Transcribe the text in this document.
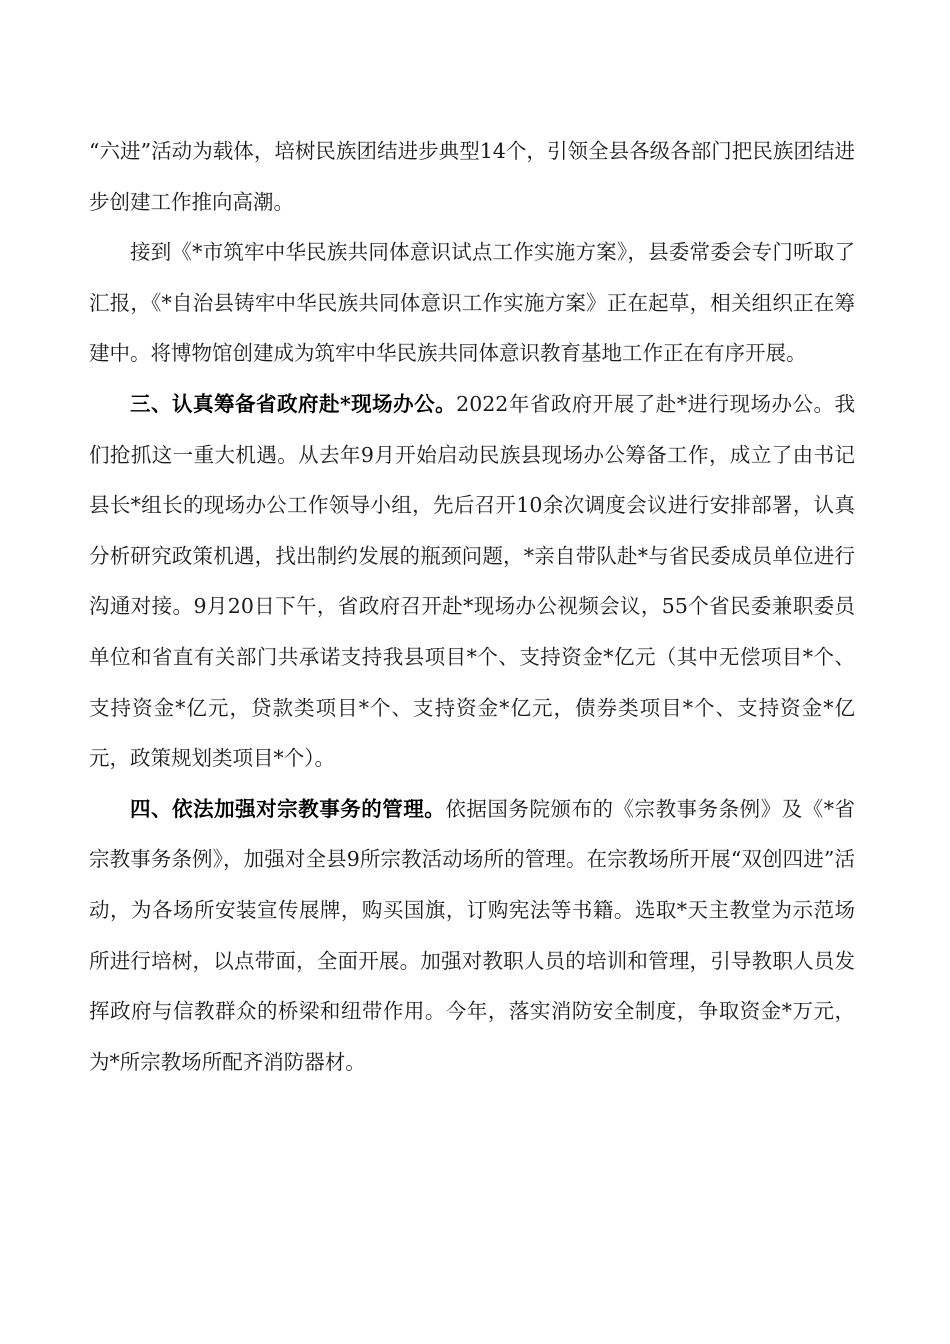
“六进”活动为载体，培树民族团结进步典型14个，引领全县各级各部门把民族团结进步创建工作推向高潮。

接到《*市筑牢中华民族共同体意识试点工作实施方案》，县委常委会专门听取了汇报，《*自治县铸牢中华民族共同体意识工作实施方案》正在起草，相关组织正在筹建中。将博物馆创建成为筑牢中华民族共同体意识教育基地工作正在有序开展。

三、认真筹备省政府赴*现场办公。2022年省政府开展了赴*进行现场办公。我们抢抓这一重大机遇。从去年9月开始启动民族县现场办公筹备工作，成立了由书记县长*组长的现场办公工作领导小组，先后召开10余次调度会议进行安排部署，认真分析研究政策机遇，找出制约发展的瓶颈问题，*亲自带队赴*与省民委成员单位进行沟通对接。9月20日下午，省政府召开赴*现场办公视频会议，55个省民委兼职委员单位和省直有关部门共承诺支持我县项目*个、支持资金*亿元（其中无偿项目*个、支持资金*亿元，贷款类项目*个、支持资金*亿元，债券类项目*个、支持资金*亿元，政策规划类项目*个）。

四、依法加强对宗教事务的管理。依据国务院颁布的《宗教事务条例》及《*省宗教事务条例》，加强对全县9所宗教活动场所的管理。在宗教场所开展“双创四进”活动，为各场所安装宣传展牌，购买国旗，订购宪法等书籍。选取*天主教堂为示范场所进行培树，以点带面，全面开展。加强对教职人员的培训和管理，引导教职人员发挥政府与信教群众的桥梁和纽带作用。今年，落实消防安全制度，争取资金*万元，为*所宗教场所配齐消防器材。
